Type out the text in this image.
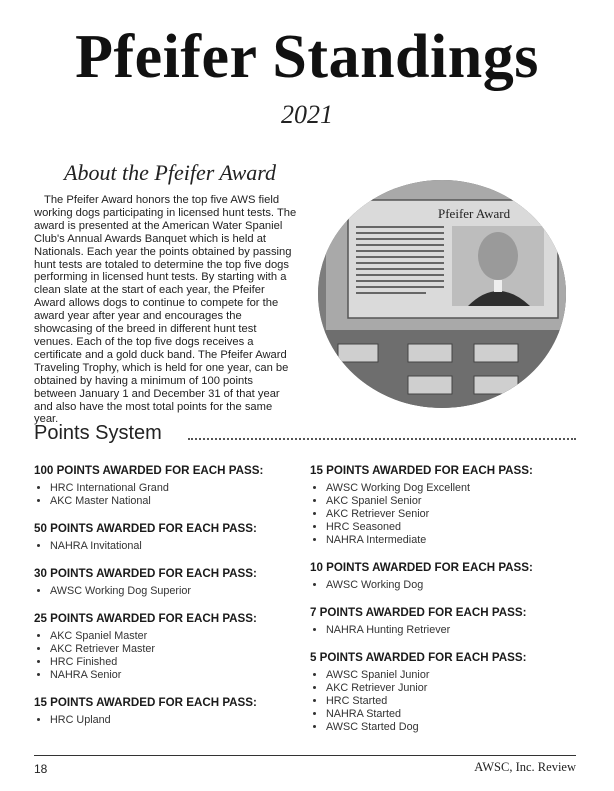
Pfeifer Standings
2021
About the Pfeifer Award
The Pfeifer Award honors the top five AWS field working dogs participating in licensed hunt tests. The award is presented at the American Water Spaniel Club's Annual Awards Banquet which is held at Nationals. Each year the points obtained by passing hunt tests are totaled to determine the top five dogs performing in licensed hunt tests. By starting with a clean slate at the start of each year, the Pfeifer Award allows dogs to continue to compete for the award year after year and encourages the showcasing of the breed in different hunt test venues. Each of the top five dogs receives a certificate and a gold duck band. The Pfeifer Award Traveling Trophy, which is held for one year, can be obtained by having a minimum of 100 points between January 1 and December 31 of that year and also have the most total points for the same year.
Pfeifer Award
Points System
100 POINTS AWARDED FOR EACH PASS:
• HRC International Grand
• AKC Master National
50 POINTS AWARDED FOR EACH PASS:
• NAHRA Invitational
30 POINTS AWARDED FOR EACH PASS:
• AWSC Working Dog Superior
25 POINTS AWARDED FOR EACH PASS:
• AKC Spaniel Master
• AKC Retriever Master
• HRC Finished
• NAHRA Senior
15 POINTS AWARDED FOR EACH PASS:
• HRC Upland
15 POINTS AWARDED FOR EACH PASS:
• AWSC Working Dog Excellent
• AKC Spaniel Senior
• AKC Retriever Senior
• HRC Seasoned
• NAHRA Intermediate
10 POINTS AWARDED FOR EACH PASS:
• AWSC Working Dog
7 POINTS AWARDED FOR EACH PASS:
• NAHRA Hunting Retriever
5 POINTS AWARDED FOR EACH PASS:
• AWSC Spaniel Junior
• AKC Retriever Junior
• HRC Started
• NAHRA Started
• AWSC Started Dog
18	AWSC, Inc. Review
